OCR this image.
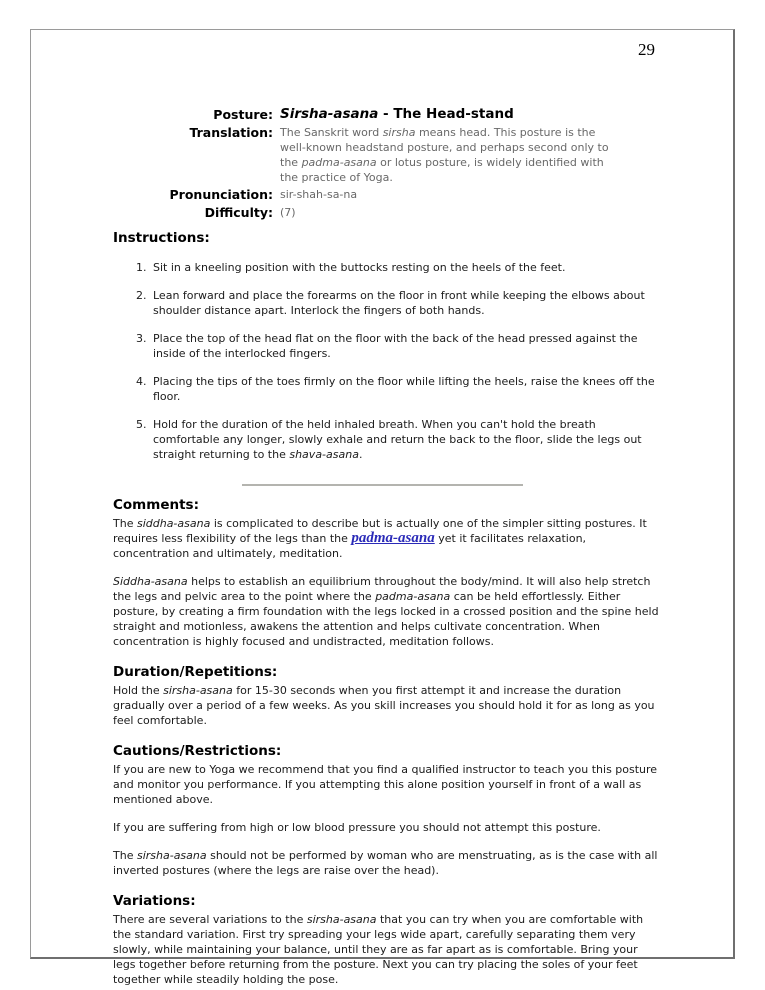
29
Posture: Sirsha-asana - The Head-stand
Translation: The Sanskrit word sirsha means head. This posture is the well-known headstand posture, and perhaps second only to the padma-asana or lotus posture, is widely identified with the practice of Yoga.
Pronunciation: sir-shah-sa-na
Difficulty: (7)
Instructions:
1. Sit in a kneeling position with the buttocks resting on the heels of the feet.
2. Lean forward and place the forearms on the floor in front while keeping the elbows about shoulder distance apart. Interlock the fingers of both hands.
3. Place the top of the head flat on the floor with the back of the head pressed against the inside of the interlocked fingers.
4. Placing the tips of the toes firmly on the floor while lifting the heels, raise the knees off the floor.
5. Hold for the duration of the held inhaled breath. When you can't hold the breath comfortable any longer, slowly exhale and return the back to the floor, slide the legs out straight returning to the shava-asana.
Comments:

The siddha-asana is complicated to describe but is actually one of the simpler sitting postures. It requires less flexibility of the legs than the padma-asana yet it facilitates relaxation, concentration and ultimately, meditation.

Siddha-asana helps to establish an equilibrium throughout the body/mind. It will also help stretch the legs and pelvic area to the point where the padma-asana can be held effortlessly. Either posture, by creating a firm foundation with the legs locked in a crossed position and the spine held straight and motionless, awakens the attention and helps cultivate concentration. When concentration is highly focused and undistracted, meditation follows.

Duration/Repetitions:

Hold the sirsha-asana for 15-30 seconds when you first attempt it and increase the duration gradually over a period of a few weeks. As you skill increases you should hold it for as long as you feel comfortable.

Cautions/Restrictions:

If you are new to Yoga we recommend that you find a qualified instructor to teach you this posture and monitor you performance. If you attempting this alone position yourself in front of a wall as mentioned above.

If you are suffering from high or low blood pressure you should not attempt this posture.

The sirsha-asana should not be performed by woman who are menstruating, as is the case with all inverted postures (where the legs are raise over the head).

Variations:

There are several variations to the sirsha-asana that you can try when you are comfortable with the standard variation. First try spreading your legs wide apart, carefully separating them very slowly, while maintaining your balance, until they are as far apart as is comfortable. Bring your legs together before returning from the posture. Next you can try placing the soles of your feet together while steadily holding the pose.
